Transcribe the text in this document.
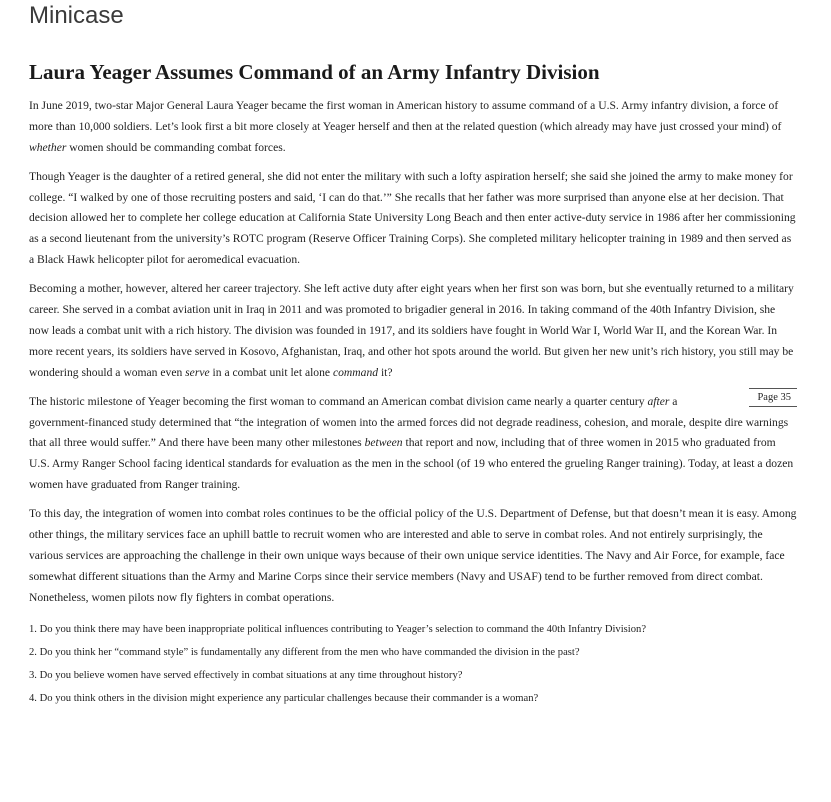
Minicase
Laura Yeager Assumes Command of an Army Infantry Division

In June 2019, two-star Major General Laura Yeager became the first woman in American history to assume command of a U.S. Army infantry division, a force of more than 10,000 soldiers. Let’s look first a bit more closely at Yeager herself and then at the related question (which already may have just crossed your mind) of whether women should be commanding combat forces.

Though Yeager is the daughter of a retired general, she did not enter the military with such a lofty aspiration herself; she said she joined the army to make money for college. “I walked by one of those recruiting posters and said, ‘I can do that.’” She recalls that her father was more surprised than anyone else at her decision. That decision allowed her to complete her college education at California State University Long Beach and then enter active-duty service in 1986 after her commissioning as a second lieutenant from the university’s ROTC program (Reserve Officer Training Corps). She completed military helicopter training in 1989 and then served as a Black Hawk helicopter pilot for aeromedical evacuation.

Becoming a mother, however, altered her career trajectory. She left active duty after eight years when her first son was born, but she eventually returned to a military career. She served in a combat aviation unit in Iraq in 2011 and was promoted to brigadier general in 2016. In taking command of the 40th Infantry Division, she now leads a combat unit with a rich history. The division was founded in 1917, and its soldiers have fought in World War I, World War II, and the Korean War. In more recent years, its soldiers have served in Kosovo, Afghanistan, Iraq, and other hot spots around the world. But given her new unit’s rich history, you still may be wondering should a woman even serve in a combat unit let alone command it?

Page 35
The historic milestone of Yeager becoming the first woman to command an American combat division came nearly a quarter century after a government-financed study determined that “the integration of women into the armed forces did not degrade readiness, cohesion, and morale, despite dire warnings that all three would suffer.” And there have been many other milestones between that report and now, including that of three women in 2015 who graduated from U.S. Army Ranger School facing identical standards for evaluation as the men in the school (of 19 who entered the grueling Ranger training). Today, at least a dozen women have graduated from Ranger training.

To this day, the integration of women into combat roles continues to be the official policy of the U.S. Department of Defense, but that doesn’t mean it is easy. Among other things, the military services face an uphill battle to recruit women who are interested and able to serve in combat roles. And not entirely surprisingly, the various services are approaching the challenge in their own unique ways because of their own unique service identities. The Navy and Air Force, for example, face somewhat different situations than the Army and Marine Corps since their service members (Navy and USAF) tend to be further removed from direct combat. Nonetheless, women pilots now fly fighters in combat operations.

1. Do you think there may have been inappropriate political influences contributing to Yeager’s selection to command the 40th Infantry Division?
2. Do you think her “command style” is fundamentally any different from the men who have commanded the division in the past?
3. Do you believe women have served effectively in combat situations at any time throughout history?
4. Do you think others in the division might experience any particular challenges because their commander is a woman?
